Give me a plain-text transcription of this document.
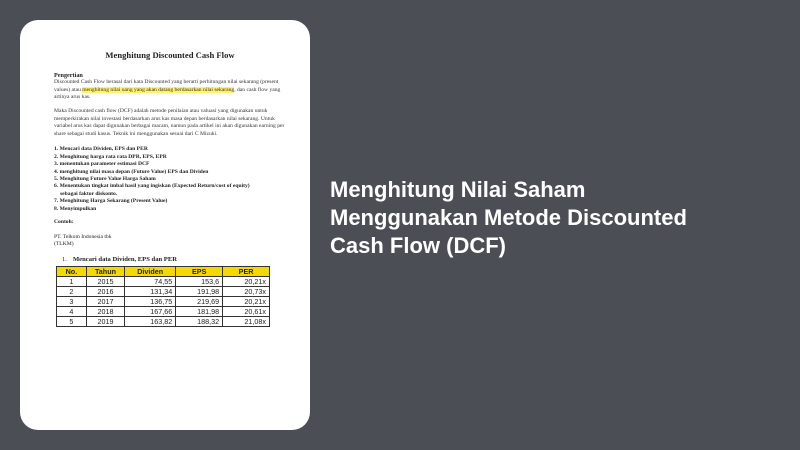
Menghitung Discounted Cash Flow
Pengertian

Discounted Cash Flow berasal dari kata Discounted yang berarti perhitungan nilai sekarang (present values) atau menghitung nilai uang yang akan datang berdasarkan nilai sekarang, dan cash flow yang artinya arus kas.

Maka Discounted cash flow (DCF) adalah metode penilaian atau valuasi yang digunakan untuk memperkirakan nilai investasi berdasarkan arus kas masa depan berdasarkan nilai sekarang. Untuk variabel arus kas dapat digunakan berbagai macam, namun pada artikel ini akan digunakan earning per share sebagai studi kasus. Teknik ini menggunakan sesuai dari C Mizuki.

1. Mencari data Dividen, EPS dan PER
2. Menghitung harga rata rata DPR, EPS, EPR
3. menentukan parameter estimasi DCF
4. menghitung nilai masa depan (Future Value) EPS dan Dividen
5. Menghitung Future Value Harga Saham
6. Menentukan tingkat imbal hasil yang ingiskan (Expected Return/cost of equity)
sebagai faktor diskonto.
7. Menghitung Harga Sekarang (Present Value)
8. Menyimpulkan
Contoh:
PT. Telkom Indonesia tbk
(TLKM)
1. Mencari data Dividen, EPS dan PER
No.	Tahun	Dividen	EPS	PER
1	2015	74,55	153,6	20,21x
2	2016	131,34	191,98	20,73x
3	2017	136,75	219,69	20,21x
4	2018	167,66	181,98	20,61x
5	2019	163,82	188,32	21,08x
Menghitung Nilai Saham
Menggunakan Metode Discounted
Cash Flow (DCF)
